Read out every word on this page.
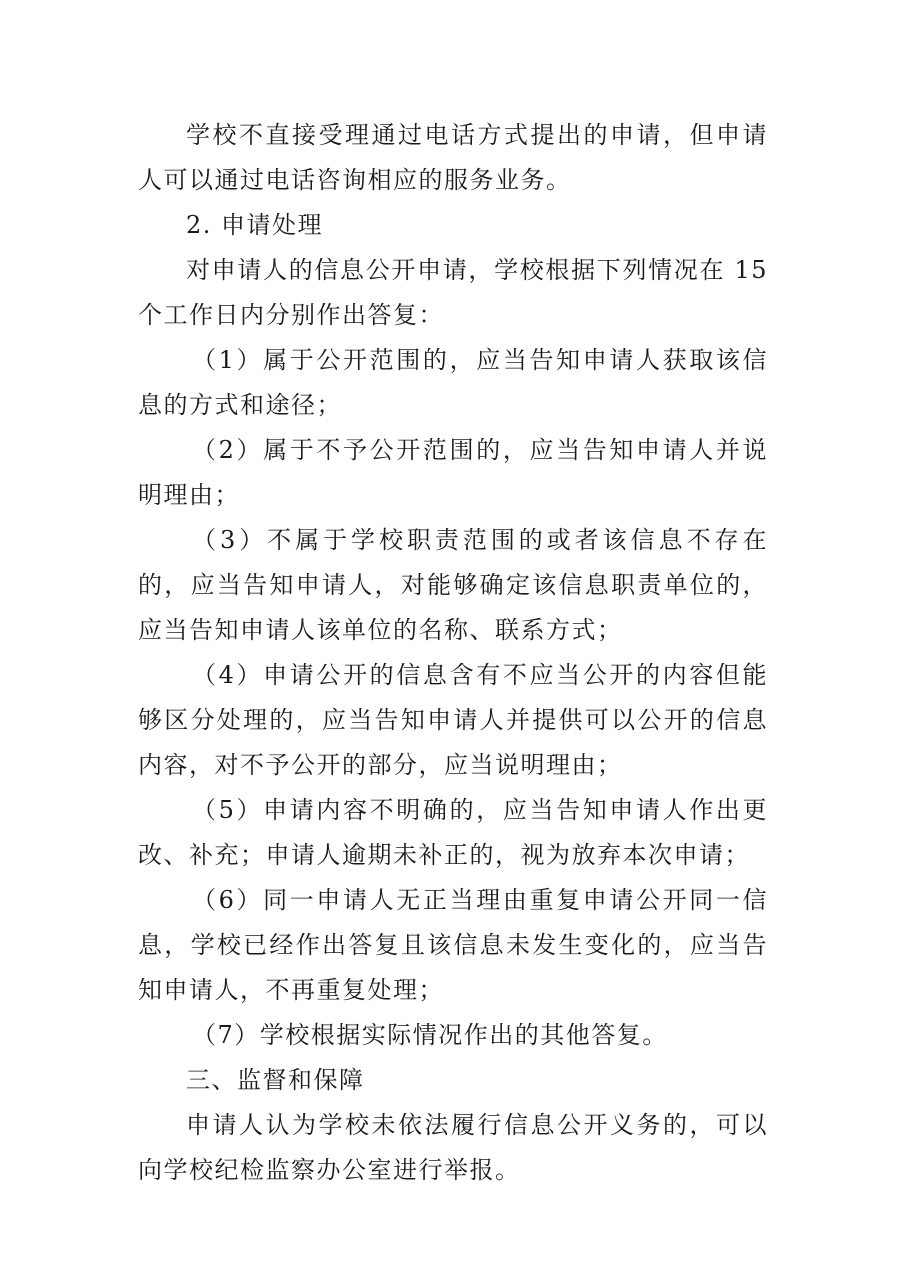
学校不直接受理通过电话方式提出的申请，但申请人可以通过电话咨询相应的服务业务。

2. 申请处理

对申请人的信息公开申请，学校根据下列情况在 15 个工作日内分别作出答复：

（1）属于公开范围的，应当告知申请人获取该信息的方式和途径；

（2）属于不予公开范围的，应当告知申请人并说明理由；

（3）不属于学校职责范围的或者该信息不存在的，应当告知申请人，对能够确定该信息职责单位的，应当告知申请人该单位的名称、联系方式；

（4）申请公开的信息含有不应当公开的内容但能够区分处理的，应当告知申请人并提供可以公开的信息内容，对不予公开的部分，应当说明理由；

（5）申请内容不明确的，应当告知申请人作出更改、补充；申请人逾期未补正的，视为放弃本次申请；

（6）同一申请人无正当理由重复申请公开同一信息，学校已经作出答复且该信息未发生变化的，应当告知申请人，不再重复处理；

（7）学校根据实际情况作出的其他答复。

三、监督和保障

申请人认为学校未依法履行信息公开义务的，可以向学校纪检监察办公室进行举报。
